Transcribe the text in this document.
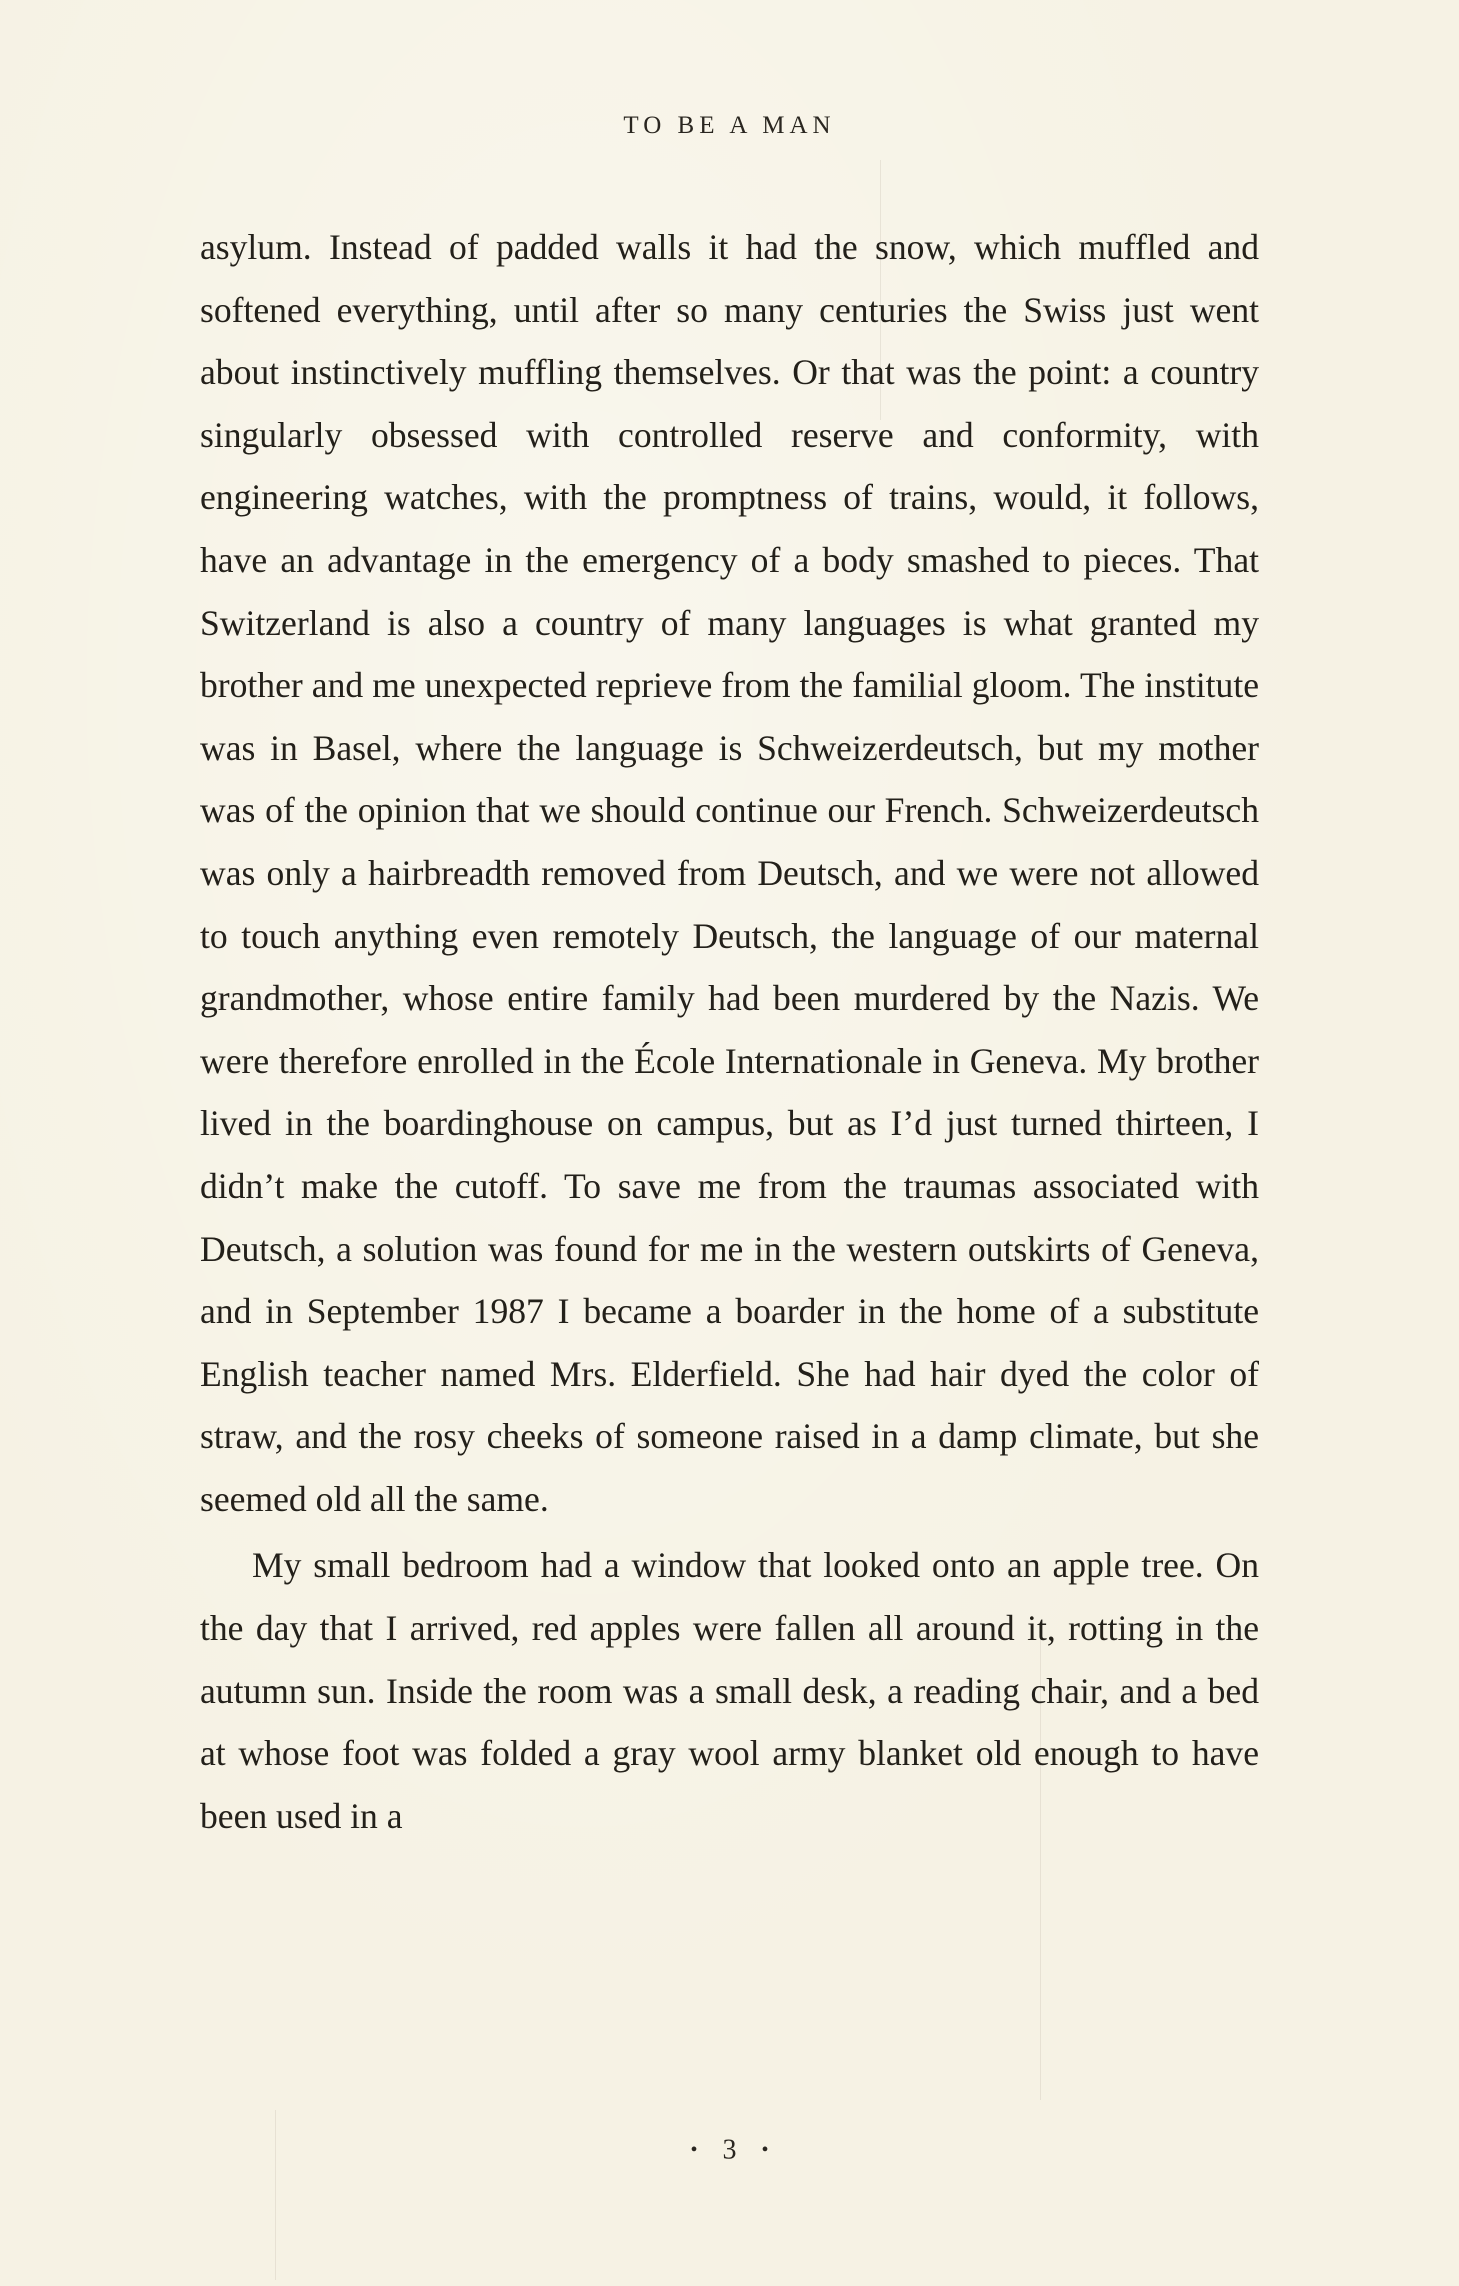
TO BE A MAN

asylum. Instead of padded walls it had the snow, which muffled and softened everything, until after so many centuries the Swiss just went about instinctively muffling themselves. Or that was the point: a country singularly obsessed with controlled reserve and conformity, with engineering watches, with the promptness of trains, would, it follows, have an advantage in the emergency of a body smashed to pieces. That Switzerland is also a country of many languages is what granted my brother and me unexpected reprieve from the familial gloom. The institute was in Basel, where the language is Schweizerdeutsch, but my mother was of the opinion that we should continue our French. Schweizerdeutsch was only a hairbreadth removed from Deutsch, and we were not allowed to touch anything even remotely Deutsch, the language of our maternal grandmother, whose entire family had been murdered by the Nazis. We were therefore enrolled in the École Internationale in Geneva. My brother lived in the boardinghouse on campus, but as I’d just turned thirteen, I didn’t make the cutoff. To save me from the traumas associated with Deutsch, a solution was found for me in the western outskirts of Geneva, and in September 1987 I became a boarder in the home of a substitute English teacher named Mrs. Elderfield. She had hair dyed the color of straw, and the rosy cheeks of someone raised in a damp climate, but she seemed old all the same.

My small bedroom had a window that looked onto an apple tree. On the day that I arrived, red apples were fallen all around it, rotting in the autumn sun. Inside the room was a small desk, a reading chair, and a bed at whose foot was folded a gray wool army blanket old enough to have been used in a

• 3 •
